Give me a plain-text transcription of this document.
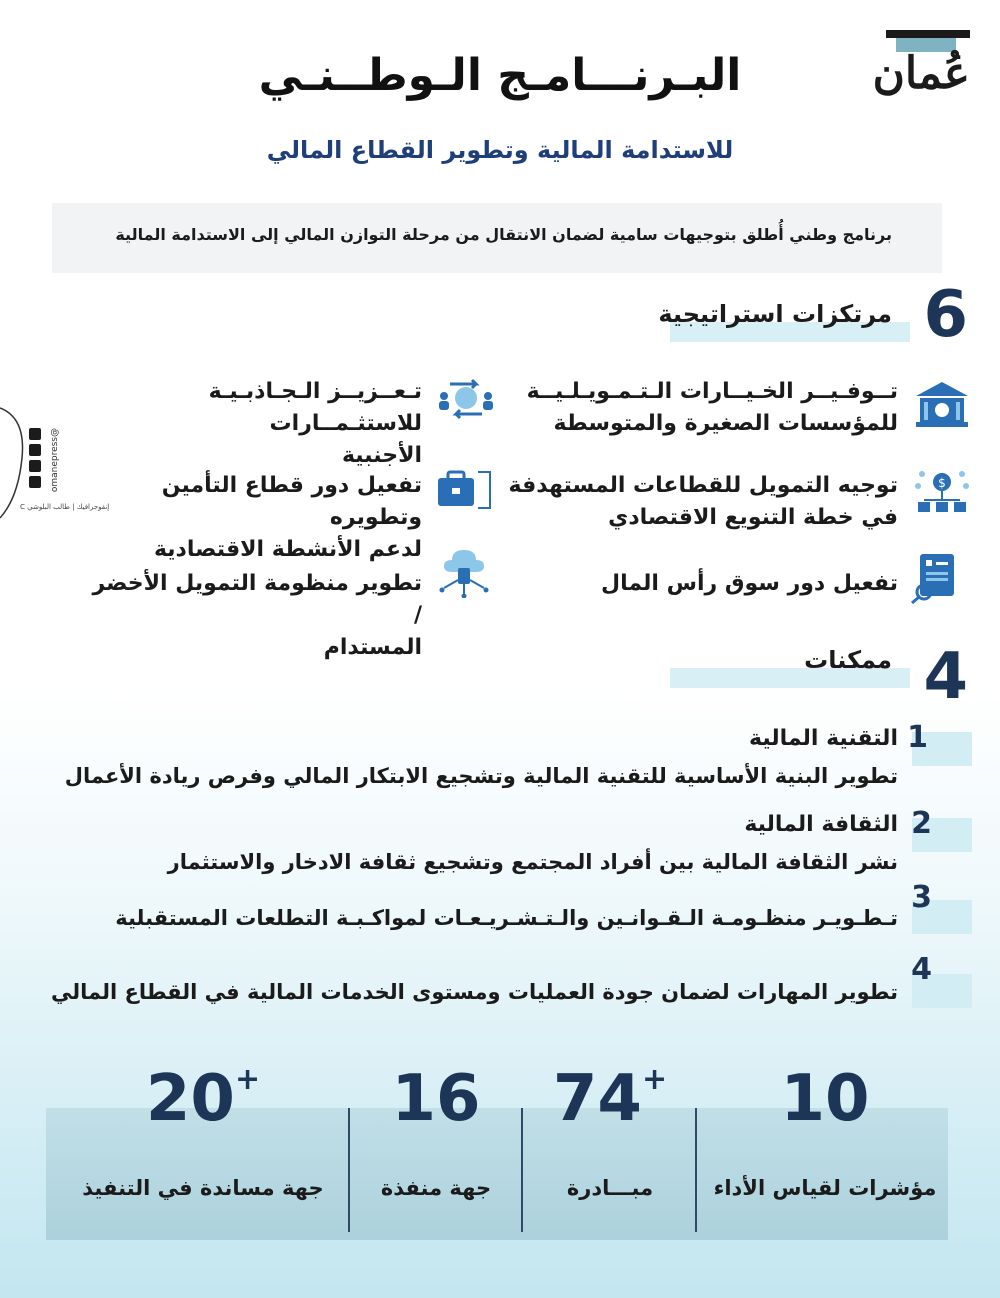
عُمان
البـرنـــامـج الـوطــنـي
للاستدامة المالية وتطوير القطاع المالي
برنامج وطني أُطلق بتوجيهات سامية لضمان الانتقال من مرحلة التوازن المالي إلى الاستدامة المالية
6
مرتكزات استراتيجية
تــوفـيــر الخـيــارات الـتـمـويـلـيــة
للمؤسسات الصغيرة والمتوسطة
$
توجيه التمويل للقطاعات المستهدفة
في خطة التنويع الاقتصادي
تفعيل دور سوق رأس المال
تـعــزيــز الـجـاذبـيـة للاستثـمــارات
الأجنبية
تفعيل دور قطاع التأمين وتطويره
لدعم الأنشطة الاقتصادية
تطوير منظومة التمويل الأخضر /
المستدام
@omanepress
C إنفوجرافيك | طالب البلوشي
4
ممكنات
1
التقنية المالية
تطوير البنية الأساسية للتقنية المالية وتشجيع الابتكار المالي وفرص ريادة الأعمال
2
الثقافة المالية
نشر الثقافة المالية بين أفراد المجتمع وتشجيع ثقافة الادخار والاستثمار
3
تـطـويـر منظـومـة الـقـوانـين والـتـشـريـعـات لمواكـبـة التطلعات المستقبلية
4
تطوير المهارات لضمان جودة العمليات ومستوى الخدمات المالية في القطاع المالي
10
مؤشرات لقياس الأداء
+74
مبـــادرة
16
جهة منفذة
+20
جهة مساندة في التنفيذ
